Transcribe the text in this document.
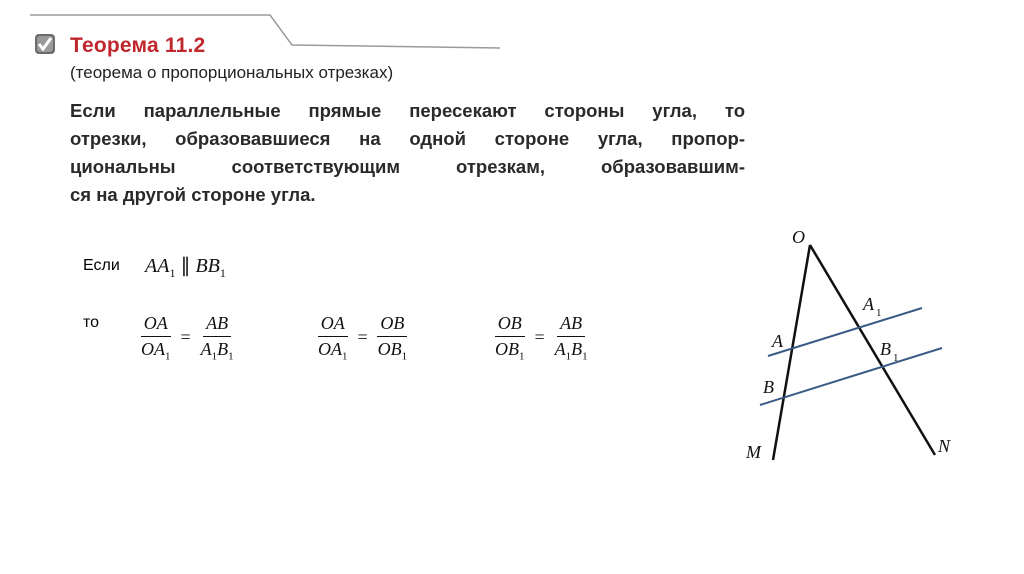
Теорема 11.2
(теорема о пропорциональных отрезках)
Если параллельные прямые пересекают стороны угла, то
отрезки, образовавшиеся на одной стороне угла, пропор-
циональны соответствующим отрезкам, образовавшим-
ся на другой стороне угла.
Если $AA_1$ ∥ $BB_1$
то $\frac{OA}{OA_1} = \frac{AB}{A_1B_1}$	$\frac{OA}{OA_1} = \frac{OB}{OB_1}$	$\frac{OB}{OB_1} = \frac{AB}{A_1B_1}$
O
A
B
M	N
A 1
B 1
